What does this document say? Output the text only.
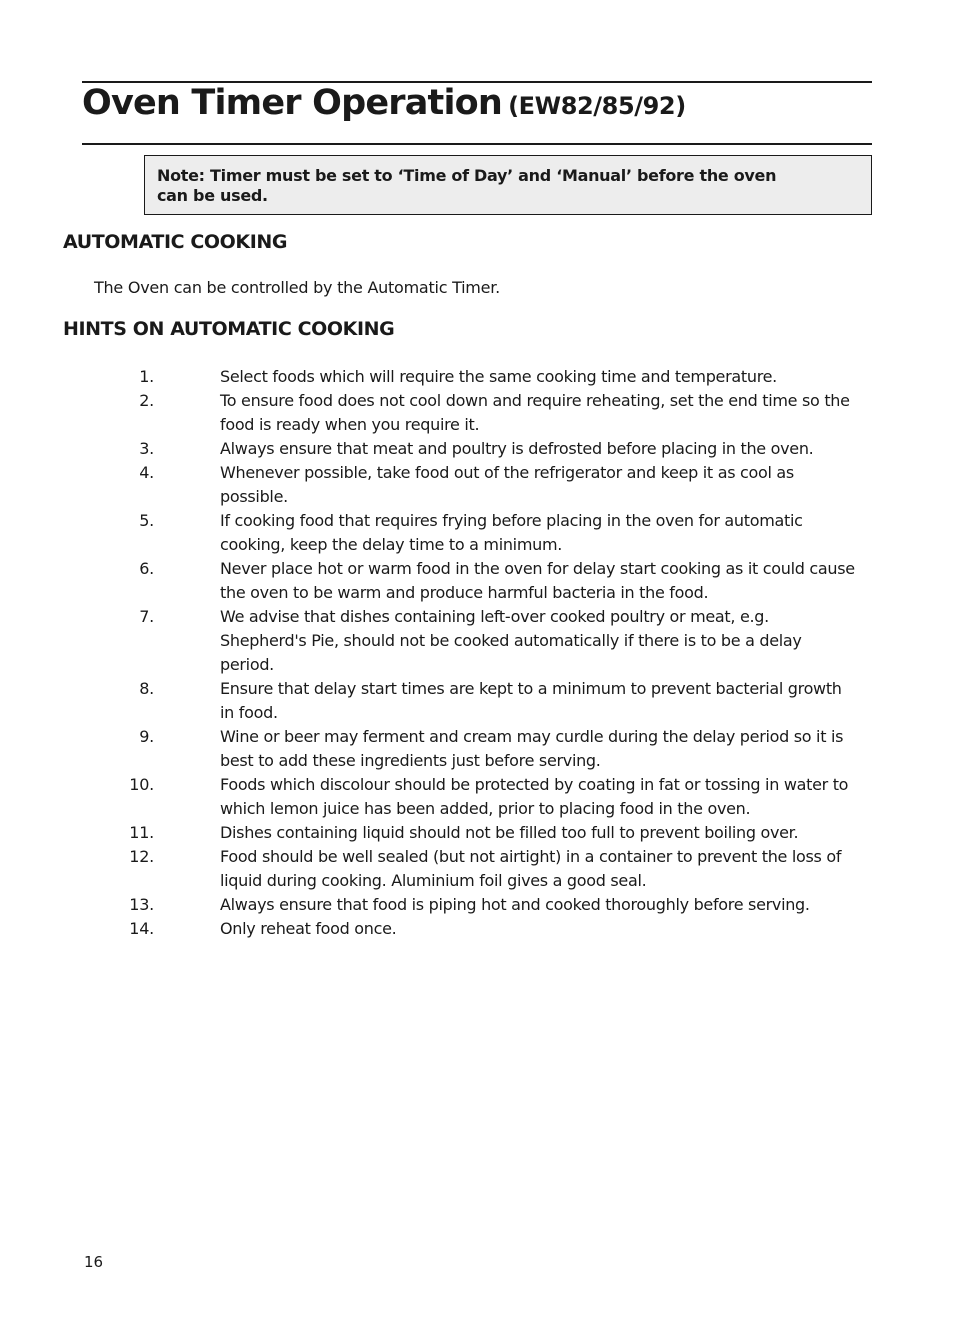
Oven Timer Operation (EW82/85/92)
Note: Timer must be set to ‘Time of Day’ and ‘Manual’ before the oven can be used.
AUTOMATIC COOKING
The Oven can be controlled by the Automatic Timer.
HINTS ON AUTOMATIC COOKING
1.	Select foods which will require the same cooking time and temperature.
2.	To ensure food does not cool down and require reheating, set the end time so the food is ready when you require it.
3.	Always ensure that meat and poultry is defrosted before placing in the oven.
4.	Whenever possible, take food out of the refrigerator and keep it as cool as possible.
5.	If cooking food that requires frying before placing in the oven for automatic cooking, keep the delay time to a minimum.
6.	Never place hot or warm food in the oven for delay start cooking as it could cause the oven to be warm and produce harmful bacteria in the food.
7.	We advise that dishes containing left-over cooked poultry or meat, e.g. Shepherd's Pie, should not be cooked automatically if there is to be a delay period.
8.	Ensure that delay start times are kept to a minimum to prevent bacterial growth in food.
9.	Wine or beer may ferment and cream may curdle during the delay period so it is best to add these ingredients just before serving.
10.	Foods which discolour should be protected by coating in fat or tossing in water to which lemon juice has been added, prior to placing food in the oven.
11.	Dishes containing liquid should not be filled too full to prevent boiling over.
12.	Food should be well sealed (but not airtight) in a container to prevent the loss of liquid during cooking. Aluminium foil gives a good seal.
13.	Always ensure that food is piping hot and cooked thoroughly before serving.
14.	Only reheat food once.
16
